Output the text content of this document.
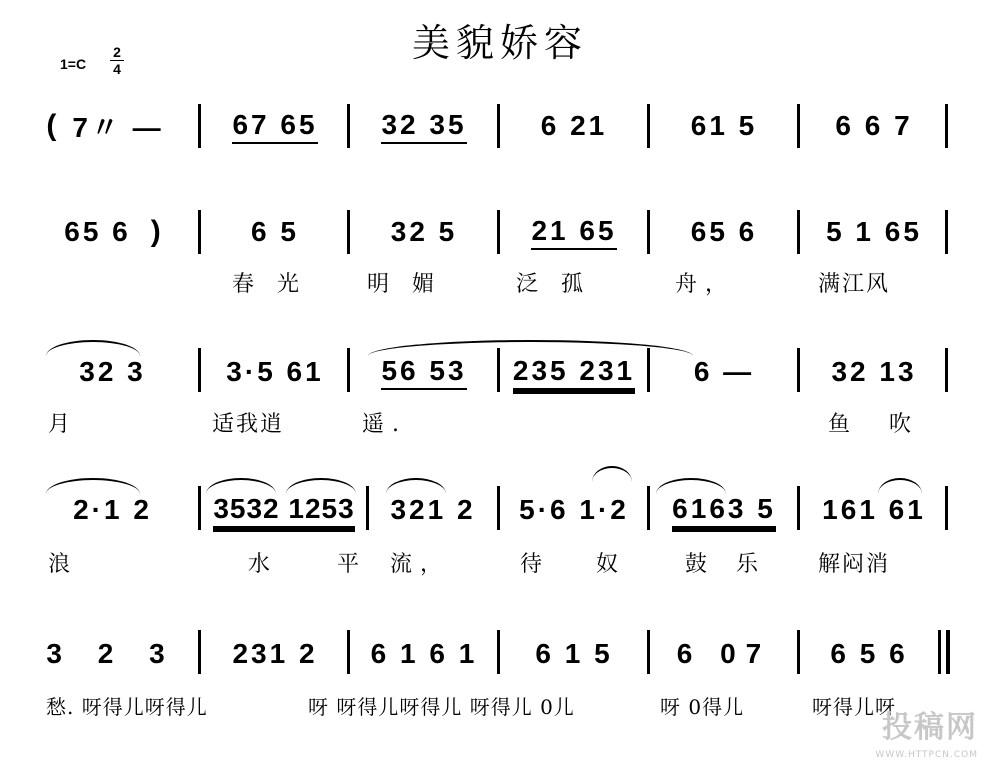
美貌娇容
$1=C \frac{2}{4}$
( 7〃 — 67 65 32 35	6 21	61 5	6 6 7
65 6 )	6 5	32 5	21 65	65 6 5 1 65
春 光	明 媚	泛 孤	舟，	满江风
32 3	3·5 61 56 53 235 231 6 —	32 13
月	适我逍	遥.	鱼 吹
2·1 2 3532 1253 321 2 5·6 1·2 6163 5 161 61
浪	水 平 流，	待 奴 鼓 乐 解闷消
3 2 3 231 2 6 1 6 1 6 1 5 6 07 6 5 6
愁. 呀得儿呀得儿	呀 呀得儿呀得儿 呀得儿 0儿	呀 0得儿	呀得儿呀
投稿网
WWW.HTTPCN.COM
